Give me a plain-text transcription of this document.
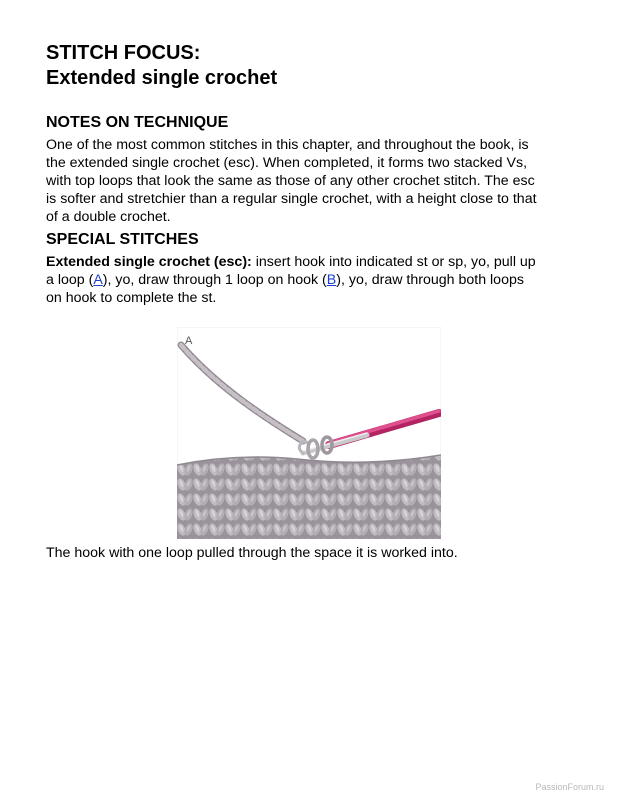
STITCH FOCUS:
Extended single crochet
NOTES ON TECHNIQUE

One of the most common stitches in this chapter, and throughout the book, is
the extended single crochet (esc). When completed, it forms two stacked Vs,
with top loops that look the same as those of any other crochet stitch. The esc
is softer and stretchier than a regular single crochet, with a height close to that
of a double crochet.

SPECIAL STITCHES

Extended single crochet (esc): insert hook into indicated st or sp, yo, pull up
a loop (A), yo, draw through 1 loop on hook (B), yo, draw through both loops
on hook to complete the st.

A

The hook with one loop pulled through the space it is worked into.

PassionForum.ru
